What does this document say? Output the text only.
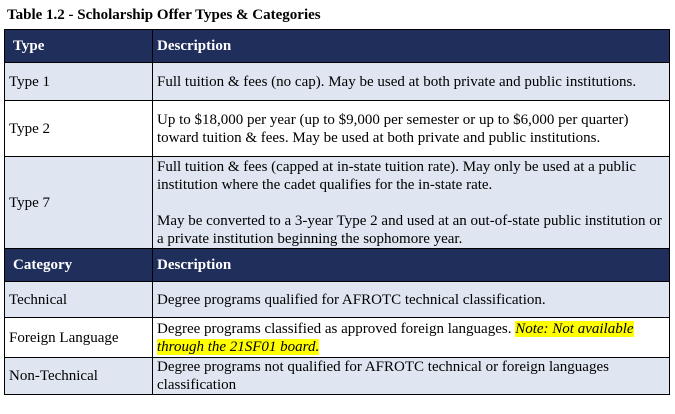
Table 1.2 - Scholarship Offer Types & Categories
Type	Description
Type 1	Full tuition & fees (no cap). May be used at both private and public institutions.
Type 2	Up to $18,000 per year (up to $9,000 per semester or up to $6,000 per quarter) toward tuition & fees. May be used at both private and public institutions.
Type 7	Full tuition & fees (capped at in-state tuition rate). May only be used at a public institution where the cadet qualifies for the in-state rate.
May be converted to a 3-year Type 2 and used at an out-of-state public institution or a private institution beginning the sophomore year.
Category	Description
Technical	Degree programs qualified for AFROTC technical classification.
Foreign Language	Degree programs classified as approved foreign languages. Note: Not available through the 21SF01 board.
Non-Technical	Degree programs not qualified for AFROTC technical or foreign languages classification
